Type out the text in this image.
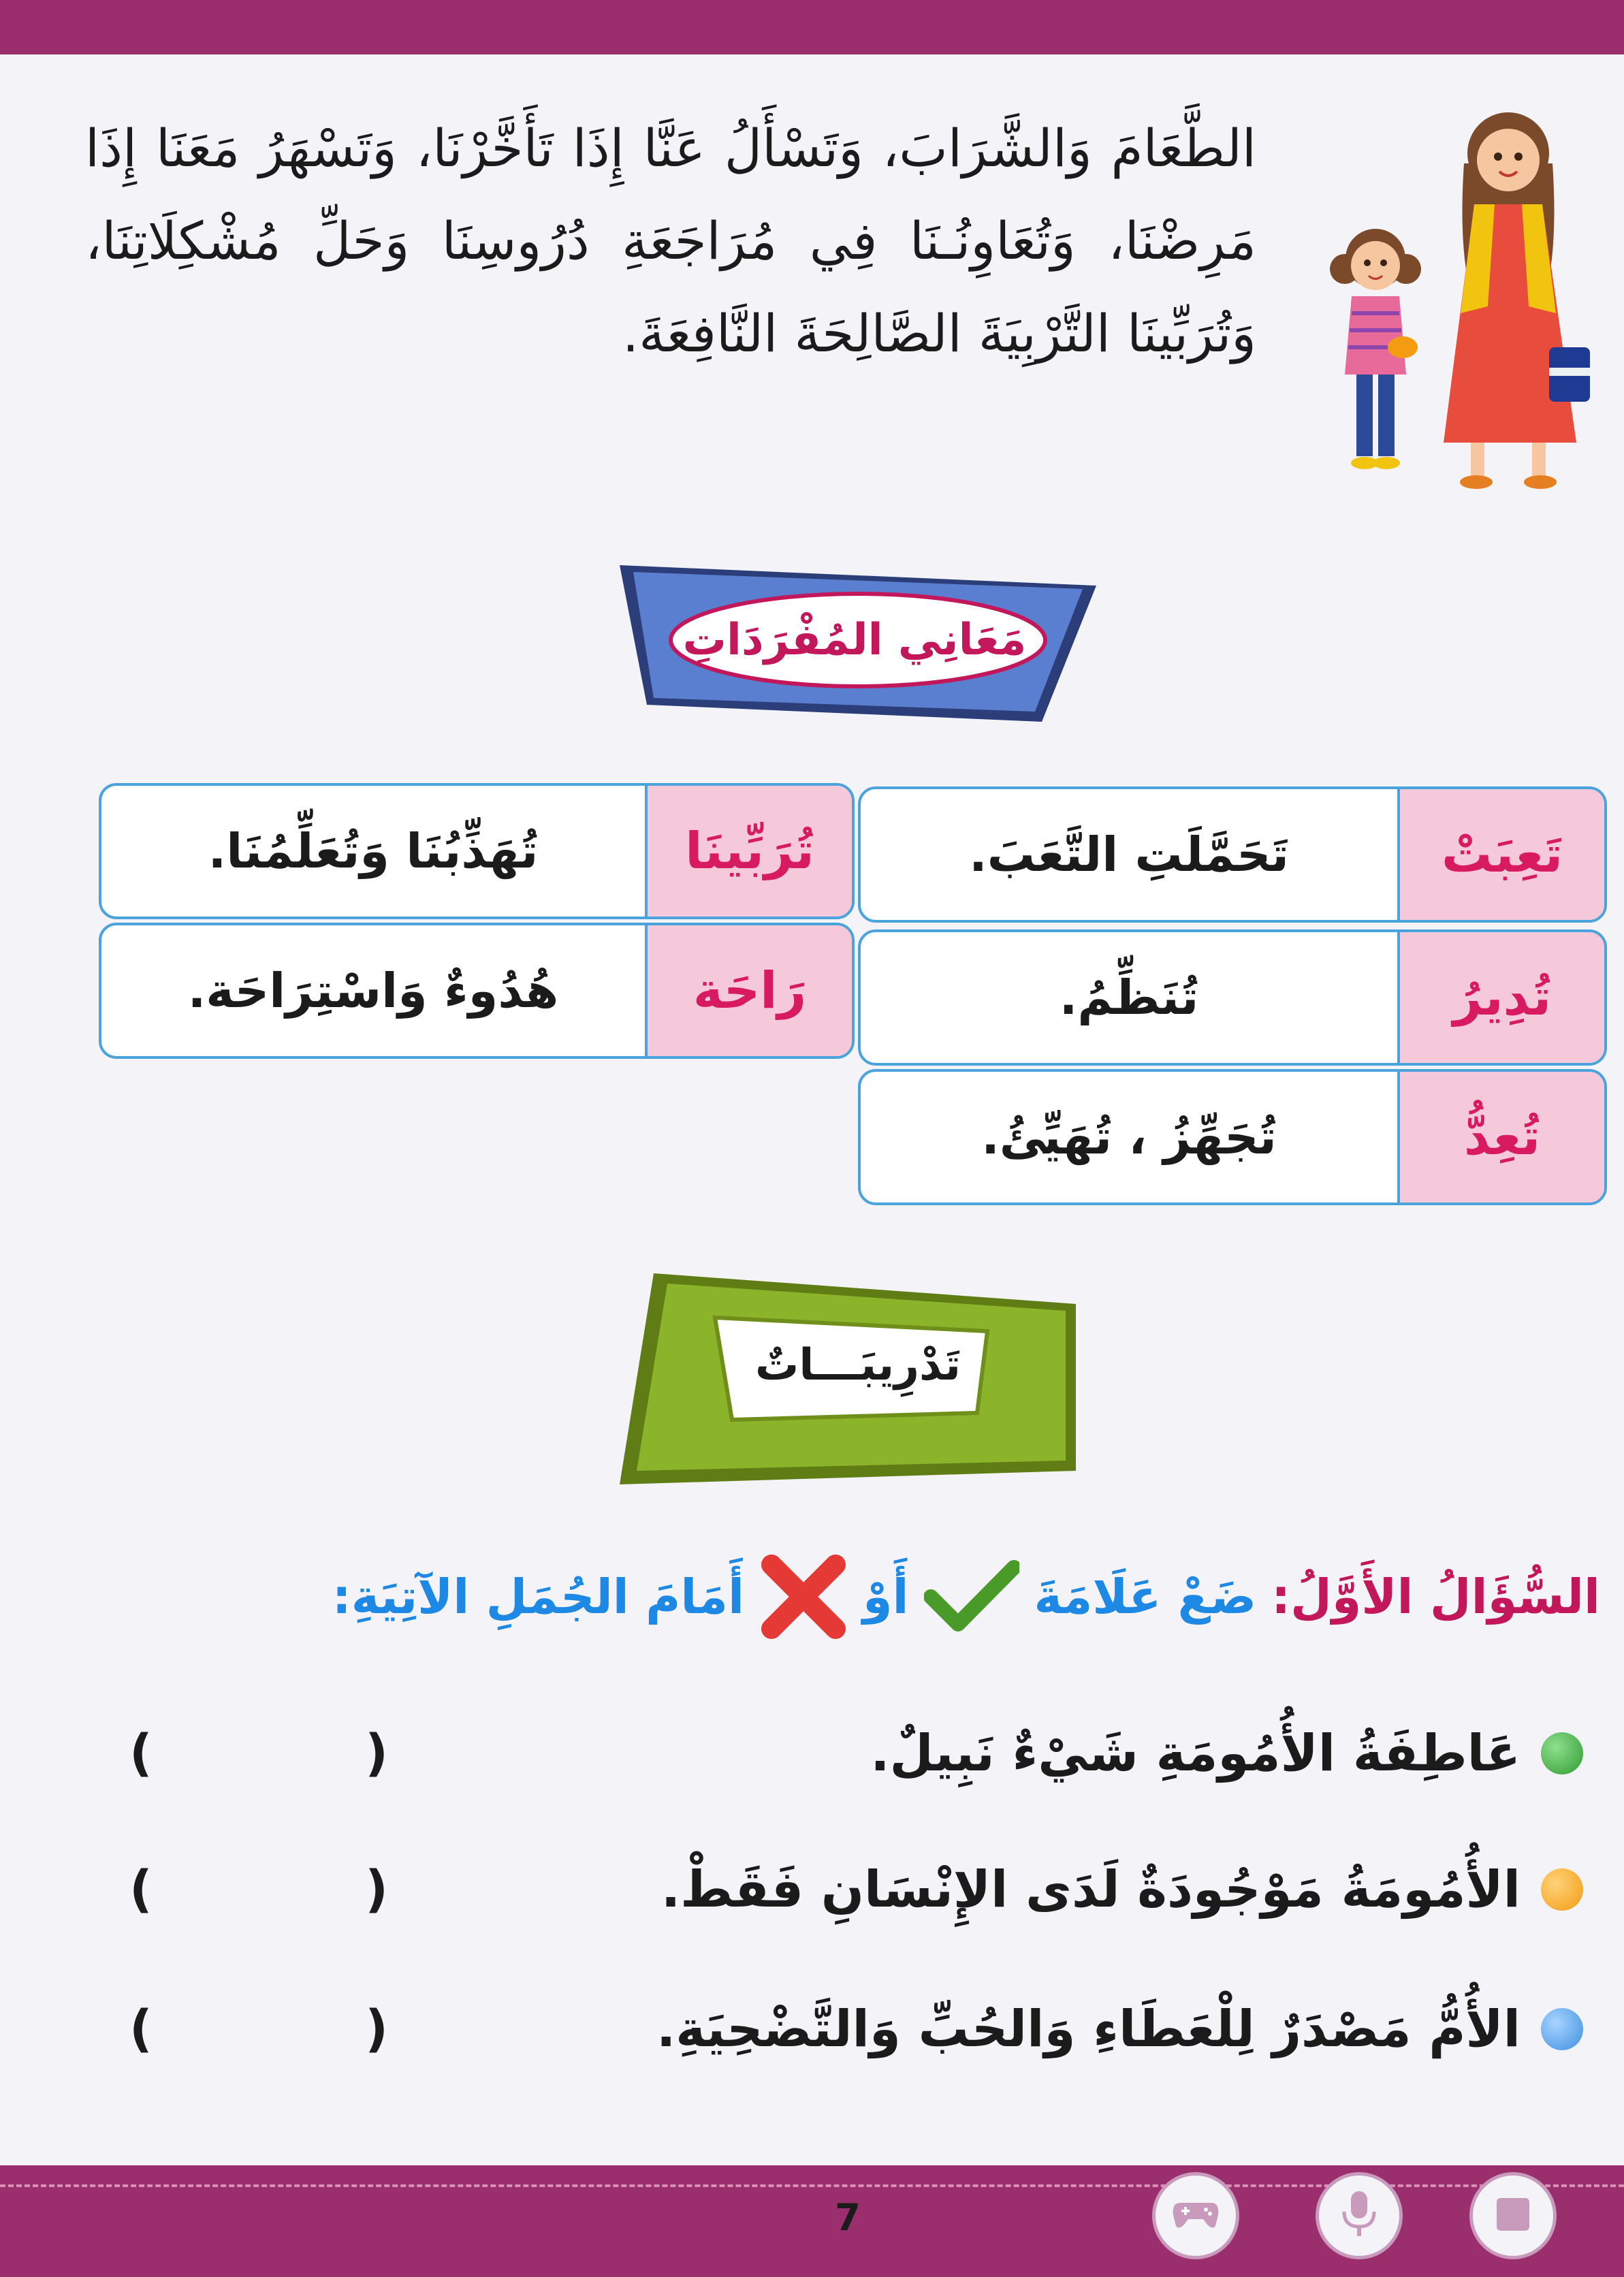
الطَّعَامَ وَالشَّرَابَ، وَتَسْأَلُ عَنَّا إِذَا تَأَخَّرْنَا، وَتَسْهَرُ مَعَنَا إِذَا مَرِضْنَا، وَتُعَاوِنُـنَا فِي مُرَاجَعَةِ دُرُوسِنَا وَحَلِّ مُشْكِلَاتِنَا، وَتُرَبِّينَا التَّرْبِيَةَ الصَّالِحَةَ النَّافِعَةَ.
مَعَانِي المُفْرَدَاتِ
تَعِبَتْ
تَحَمَّلَتِ التَّعَبَ.
تُرَبِّينَا
تُهَذِّبُنَا وَتُعَلِّمُنَا.
تُدِيرُ
تُنَظِّمُ.
رَاحَة
هُدُوءٌ وَاسْتِرَاحَة.
تُعِدُّ
تُجَهِّزُ ، تُهَيِّئُ.
تَدْرِيبَـــاتٌ
السُّؤَالُ الأَوَّلُ:
ضَعْ عَلَامَةَ
أَوْ
أَمَامَ الجُمَلِ الآتِيَةِ:
عَاطِفَةُ الأُمُومَةِ شَيْءٌ نَبِيلٌ.
(
)
الأُمُومَةُ مَوْجُودَةٌ لَدَى الإِنْسَانِ فَقَطْ.
(
)
الأُمُّ مَصْدَرٌ لِلْعَطَاءِ وَالحُبِّ وَالتَّضْحِيَةِ.
(
)
7
